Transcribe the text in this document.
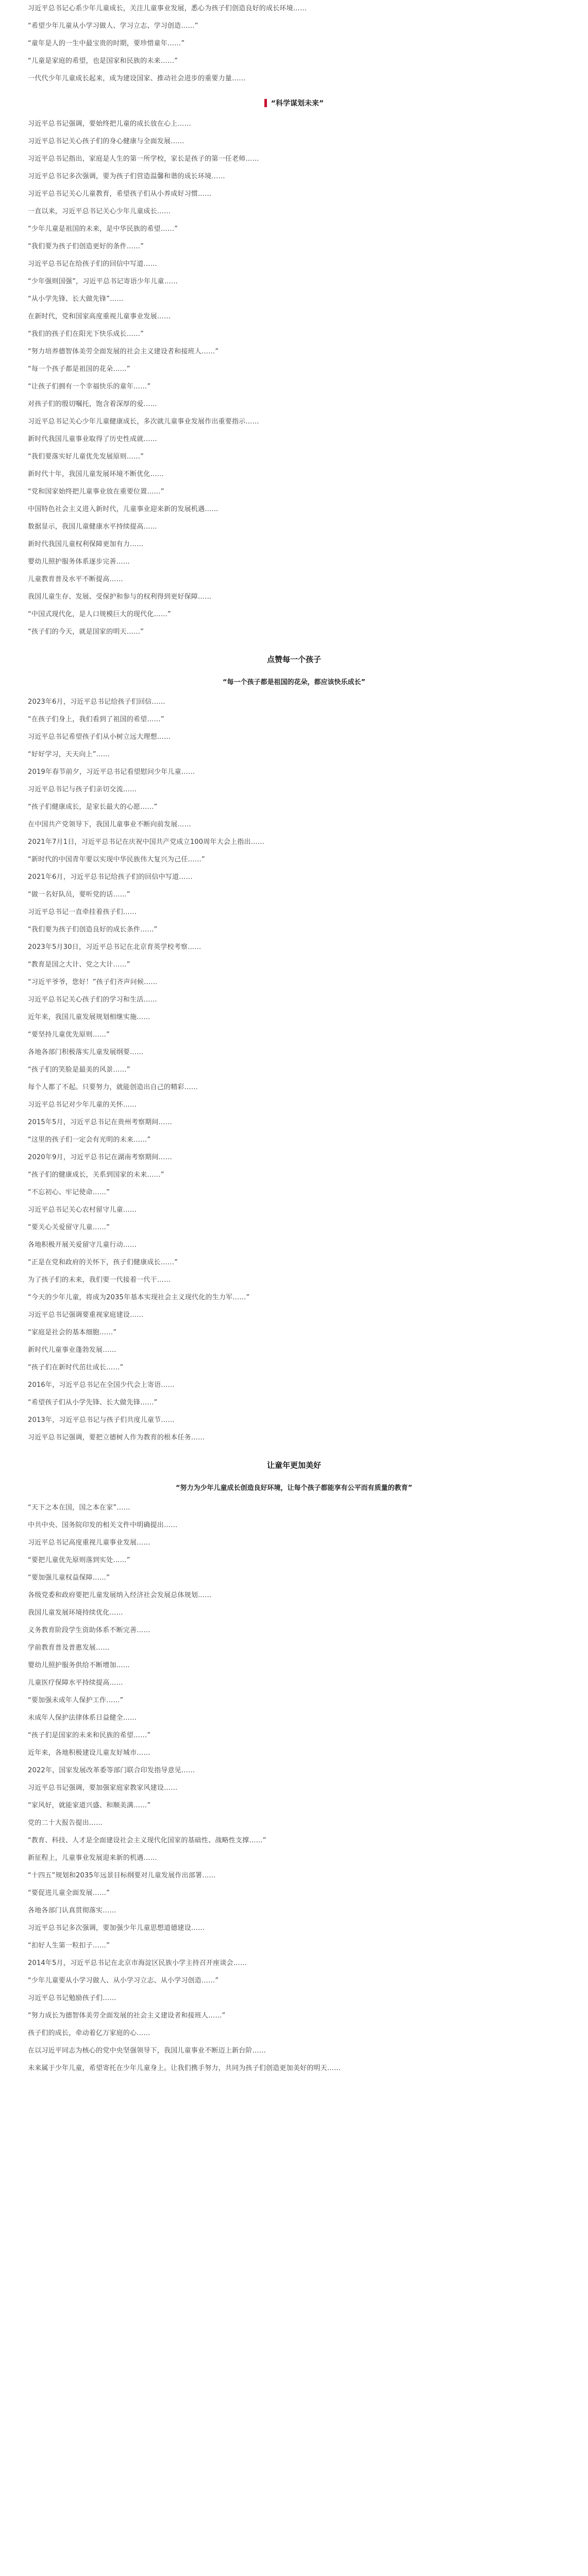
习近平总书记心系少年儿童成长，关注儿童事业发展，悉心为孩子们创造良好的成长环境……

“希望少年儿童从小学习做人、学习立志、学习创造……”

“童年是人的一生中最宝贵的时期，要珍惜童年……”

“儿童是家庭的希望，也是国家和民族的未来……”

一代代少年儿童成长起来，成为建设国家、推动社会进步的重要力量……

“科学谋划未来”

习近平总书记强调，要始终把儿童的成长放在心上……

习近平总书记关心孩子们的身心健康与全面发展……

习近平总书记指出，家庭是人生的第一所学校，家长是孩子的第一任老师……

习近平总书记多次强调，要为孩子们营造温馨和谐的成长环境……

习近平总书记关心儿童教育，希望孩子们从小养成好习惯……

一直以来，习近平总书记关心少年儿童成长……

“少年儿童是祖国的未来，是中华民族的希望……”

“我们要为孩子们创造更好的条件……”

习近平总书记在给孩子们的回信中写道……

“少年强则国强”，习近平总书记寄语少年儿童……

“从小学先锋、长大做先锋”……

在新时代，党和国家高度重视儿童事业发展……

“我们的孩子们在阳光下快乐成长……”

“努力培养德智体美劳全面发展的社会主义建设者和接班人……”

“每一个孩子都是祖国的花朵……”

“让孩子们拥有一个幸福快乐的童年……”

对孩子们的殷切嘱托，饱含着深厚的爱……

习近平总书记关心少年儿童健康成长，多次就儿童事业发展作出重要指示……

新时代我国儿童事业取得了历史性成就……

“我们要落实好儿童优先发展原则……”

新时代十年，我国儿童发展环境不断优化……

“党和国家始终把儿童事业放在重要位置……”

中国特色社会主义进入新时代，儿童事业迎来新的发展机遇……

数据显示，我国儿童健康水平持续提高……

新时代我国儿童权利保障更加有力……

婴幼儿照护服务体系逐步完善……

儿童教育普及水平不断提高……

我国儿童生存、发展、受保护和参与的权利得到更好保障……

“中国式现代化，是人口规模巨大的现代化……”

“孩子们的今天，就是国家的明天……”

点赞每一个孩子
“每一个孩子都是祖国的花朵，都应该快乐成长”

2023年6月，习近平总书记给孩子们回信……

“在孩子们身上，我们看到了祖国的希望……”

习近平总书记希望孩子们从小树立远大理想……

“好好学习，天天向上”……

2019年春节前夕，习近平总书记看望慰问少年儿童……

习近平总书记与孩子们亲切交流……

“孩子们健康成长，是家长最大的心愿……”

在中国共产党领导下，我国儿童事业不断向前发展……

2021年7月1日，习近平总书记在庆祝中国共产党成立100周年大会上指出……

“新时代的中国青年要以实现中华民族伟大复兴为己任……”

2021年6月，习近平总书记给孩子们的回信中写道……

“做一名好队员，要听党的话……”

习近平总书记一直牵挂着孩子们……

“我们要为孩子们创造良好的成长条件……”

2023年5月30日，习近平总书记在北京育英学校考察……

“教育是国之大计、党之大计……”

“习近平爷爷，您好！”孩子们齐声问候……

习近平总书记关心孩子们的学习和生活……

近年来，我国儿童发展规划相继实施……

“要坚持儿童优先原则……”

各地各部门积极落实儿童发展纲要……

“孩子们的笑脸是最美的风景……”

每个人都了不起。只要努力，就能创造出自己的精彩……

习近平总书记对少年儿童的关怀……

2015年5月，习近平总书记在贵州考察期间……

“这里的孩子们一定会有光明的未来……”

2020年9月，习近平总书记在湖南考察期间……

“孩子们的健康成长，关系到国家的未来……”

“不忘初心、牢记使命……”

习近平总书记关心农村留守儿童……

“要关心关爱留守儿童……”

各地积极开展关爱留守儿童行动……

“正是在党和政府的关怀下，孩子们健康成长……”

为了孩子们的未来，我们要一代接着一代干……

“今天的少年儿童，将成为2035年基本实现社会主义现代化的生力军……”

习近平总书记强调要重视家庭建设……

“家庭是社会的基本细胞……”

新时代儿童事业蓬勃发展……

“孩子们在新时代茁壮成长……”

2016年，习近平总书记在全国少代会上寄语……

“希望孩子们从小学先锋、长大做先锋……”

2013年，习近平总书记与孩子们共度儿童节……

习近平总书记强调，要把立德树人作为教育的根本任务……

让童年更加美好
“努力为少年儿童成长创造良好环境，让每个孩子都能享有公平而有质量的教育”

“天下之本在国，国之本在家”……

中共中央、国务院印发的相关文件中明确提出……

习近平总书记高度重视儿童事业发展……

“要把儿童优先原则落到实处……”

“要加强儿童权益保障……”

各级党委和政府要把儿童发展纳入经济社会发展总体规划……

我国儿童发展环境持续优化……

义务教育阶段学生资助体系不断完善……

学前教育普及普惠发展……

婴幼儿照护服务供给不断增加……

儿童医疗保障水平持续提高……

“要加强未成年人保护工作……”

未成年人保护法律体系日益健全……

“孩子们是国家的未来和民族的希望……”

近年来，各地积极建设儿童友好城市……

2022年，国家发展改革委等部门联合印发指导意见……

习近平总书记强调，要加强家庭家教家风建设……

“家风好，就能家道兴盛、和顺美满……”

党的二十大报告提出……

“教育、科技、人才是全面建设社会主义现代化国家的基础性、战略性支撑……”

新征程上，儿童事业发展迎来新的机遇……

“十四五”规划和2035年远景目标纲要对儿童发展作出部署……

“要促进儿童全面发展……”

各地各部门认真贯彻落实……

习近平总书记多次强调，要加强少年儿童思想道德建设……

“扣好人生第一粒扣子……”

2014年5月，习近平总书记在北京市海淀区民族小学主持召开座谈会……

“少年儿童要从小学习做人、从小学习立志、从小学习创造……”

习近平总书记勉励孩子们……

“努力成长为德智体美劳全面发展的社会主义建设者和接班人……”

孩子们的成长，牵动着亿万家庭的心……

在以习近平同志为核心的党中央坚强领导下，我国儿童事业不断迈上新台阶……

未来属于少年儿童，希望寄托在少年儿童身上。让我们携手努力，共同为孩子们创造更加美好的明天……
